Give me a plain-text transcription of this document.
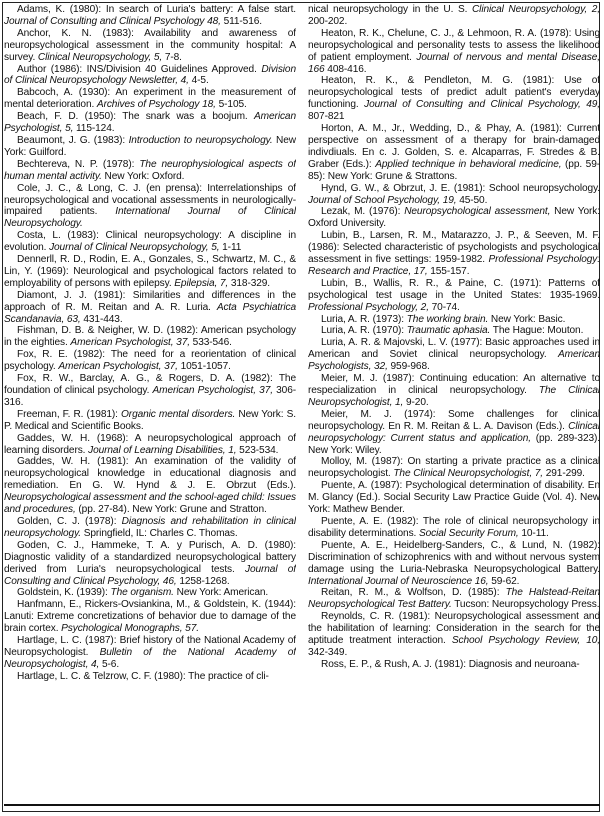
Adams, K. (1980): In search of Luria's battery: A false start. Journal of Consulting and Clinical Psychology 48, 511-516.

Anchor, K. N. (1983): Availability and awareness of neuropsychological assessment in the community hospital: A survey. Clinical Neuropsychology, 5, 7-8.

Author (1986): INS/Division 40 Guidelines Approved. Division of Clinical Neuropsychology Newsletter, 4, 4-5.

Babcoch, A. (1930): An experiment in the measurement of mental deterioration. Archives of Psychology 18, 5-105.

Beach, F. D. (1950): The snark was a boojum. American Psychologist, 5, 115-124.

Beaumont, J. G. (1983): Introduction to neuropsychology. New York: Guilford.

Bechtereva, N. P. (1978): The neurophysiological aspects of human mental activity. New York: Oxford.

Cole, J. C., & Long, C. J. (en prensa): Interrelationships of neuropsychological and vocational assessments in neurologically-impaired patients. International Journal of Clinical Neuropsychology.

Costa, L. (1983): Clinical neuropsychology: A discipline in evolution. Journal of Clinical Neuropsychology, 5, 1-11

Dennerll, R. D., Rodin, E. A., Gonzales, S., Schwartz, M. C., & Lin, Y. (1969): Neurological and psychological factors related to employability of persons with epilepsy. Epilepsia, 7, 318-329.

Diamont, J. J. (1981): Similarities and differences in the approach of R. M. Reitan and A. R. Luria. Acta Psychiatrica Scandanavia, 63, 431-443.

Fishman, D. B. & Neigher, W. D. (1982): American psychology in the eighties. American Psychologist, 37, 533-546.

Fox, R. E. (1982): The need for a reorientation of clinical psychology. American Psychologist, 37, 1051-1057.

Fox, R. W., Barclay, A. G., & Rogers, D. A. (1982): The foundation of clinical psychology. American Psychologist, 37, 306-316.

Freeman, F. R. (1981): Organic mental disorders. New York: S. P. Medical and Scientific Books.

Gaddes, W. H. (1968): A neuropsychological approach of learning disorders. Journal of Learning Disabilities, 1, 523-534.

Gaddes, W. H. (1981): An examination of the validity of neuropsychological knowledge in educational diagnosis and remediation. En G. W. Hynd & J. E. Obrzut (Eds.). Neuropsychological assessment and the school-aged child: Issues and procedures, (pp. 27-84). New York: Grune and Stratton.

Golden, C. J. (1978): Diagnosis and rehabilitation in clinical neuropsychology. Springfield, IL: Charles C. Thomas.

Goden, C. J., Hammeke, T. A. y Purisch, A. D. (1980): Diagnostic validity of a standardized neuropsychological battery derived from Luria's neuropsychological tests. Journal of Consulting and Clinical Psychology, 46, 1258-1268.

Goldstein, K. (1939): The organism. New York: American.

Hanfmann, E., Rickers-Ovsiankina, M., & Goldstein, K. (1944): Lanuti: Extreme concretizations of behavior due to damage of the brain cortex. Psychological Monographs, 57.

Hartlage, L. C. (1987): Brief history of the National Academy of Neuropsychologist. Bulletin of the National Academy of Neuropsychologist, 4, 5-6.

Hartlage, L. C. & Telzrow, C. F. (1980): The practice of cli-

nical neuropsychology in the U. S. Clinical Neuropsychology, 2, 200-202.

Heaton, R. K., Chelune, C. J., & Lehmoon, R. A. (1978): Using neuropsychological and personality tests to assess the likelihood of patient employment. Journal of nervous and mental Disease, 166 408-416.

Heaton, R. K., & Pendleton, M. G. (1981): Use of neuropsychological tests of predict adult patient's everyday functioning. Journal of Consulting and Clinical Psychology, 49, 807-821

Horton, A. M., Jr., Wedding, D., & Phay, A. (1981): Current perspective on assessment of a therapy for brain-damaged indivdiuals. En c. J. Golden, S. e. Alcaparras, F. Stredes & B. Graber (Eds.): Applied technique in behavioral medicine, (pp. 59-85): New York: Grune & Strattons.

Hynd, G. W., & Obrzut, J. E. (1981): School neuropsychology. Journal of School Psychology, 19, 45-50.

Lezak, M. (1976): Neuropsychological assessment, New York: Oxford University.

Lubin, B., Larsen, R. M., Matarazzo, J. P., & Seeven, M. F. (1986): Selected characteristic of psychologists and psychological assessment in five settings: 1959-1982. Professional Psychology: Research and Practice, 17, 155-157.

Lubin, B., Wallis, R. R., & Paine, C. (1971): Patterns of psychological test usage in the United States: 1935-1969. Professional Psychology, 2, 70-74.

Luria, A. R. (1973): The working brain. New York: Basic.

Luria, A. R. (1970): Traumatic aphasia. The Hague: Mouton.

Luria, A. R. & Majovski, L. V. (1977): Basic approaches used in American and Soviet clinical neuropsychology. American Psychologists, 32, 959-968.

Meier, M. J. (1987): Continuing education: An alternative to respecialization in clinical neuropsychology. The Clinical Neuropsychologist, 1, 9-20.

Meier, M. J. (1974): Some challenges for clinical neuropsychology. En R. M. Reitan & L. A. Davison (Eds.). Clinical neuropsychology: Current status and application, (pp. 289-323). New York: Wiley.

Molloy, M. (1987): On starting a private practice as a clinical neuropsychologist. The Clinical Neuropsychologist, 7, 291-299.

Puente, A. (1987): Psychological determination of disability. En M. Glancy (Ed.). Social Security Law Practice Guide (Vol. 4). New York: Mathew Bender.

Puente, A. E. (1982): The role of clinical neuropsychology in disability determinations. Social Security Forum, 10-11.

Puente, A. E., Heidelberg-Sanders, C., & Lund, N. (1982): Discrimination of schizophrenics with and without nervous system damage using the Luria-Nebraska Neuropsychological Battery. International Journal of Neuroscience 16, 59-62.

Reitan, R. M., & Wolfson, D. (1985): The Halstead-Reitan Neuropsychological Test Battery. Tucson: Neuropsychology Press.

Reynolds, C. R. (1981): Neuropsychological assessment and the habilitation of learning: Consideration in the search for the aptitude treatment interaction. School Psychology Review, 10, 342-349.

Ross, E. P., & Rush, A. J. (1981): Diagnosis and neuroana-
